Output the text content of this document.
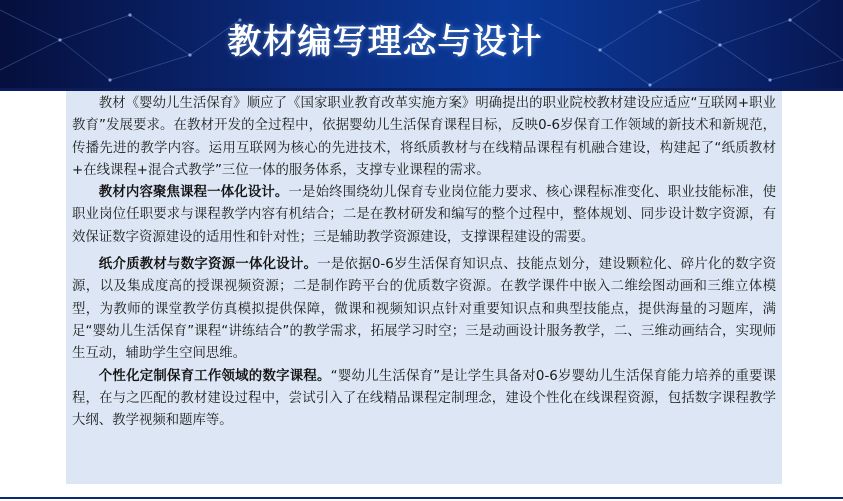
教材编写理念与设计

教材《婴幼儿生活保育》顺应了《国家职业教育改革实施方案》明确提出的职业院校教材建设应适应“互联网+职业教育”发展要求。在教材开发的全过程中，依据婴幼儿生活保育课程目标，反映0-6岁保育工作领域的新技术和新规范，传播先进的教学内容。运用互联网为核心的先进技术，将纸质教材与在线精品课程有机融合建设，构建起了“纸质教材+在线课程+混合式教学”三位一体的服务体系，支撑专业课程的需求。

教材内容聚焦课程一体化设计。一是始终围绕幼儿保育专业岗位能力要求、核心课程标准变化、职业技能标准，使职业岗位任职要求与课程教学内容有机结合；二是在教材研发和编写的整个过程中，整体规划、同步设计数字资源，有效保证数字资源建设的适用性和针对性；三是辅助教学资源建设，支撑课程建设的需要。

纸介质教材与数字资源一体化设计。一是依据0-6岁生活保育知识点、技能点划分，建设颗粒化、碎片化的数字资源，以及集成度高的授课视频资源；二是制作跨平台的优质数字资源。在教学课件中嵌入二维绘图动画和三维立体模型，为教师的课堂教学仿真模拟提供保障，微课和视频知识点针对重要知识点和典型技能点，提供海量的习题库，满足“婴幼儿生活保育”课程“讲练结合”的教学需求，拓展学习时空；三是动画设计服务教学，二、三维动画结合，实现师生互动，辅助学生空间思维。

个性化定制保育工作领域的数字课程。“婴幼儿生活保育”是让学生具备对0-6岁婴幼儿生活保育能力培养的重要课程，在与之匹配的教材建设过程中，尝试引入了在线精品课程定制理念，建设个性化在线课程资源，包括数字课程教学大纲、教学视频和题库等。
